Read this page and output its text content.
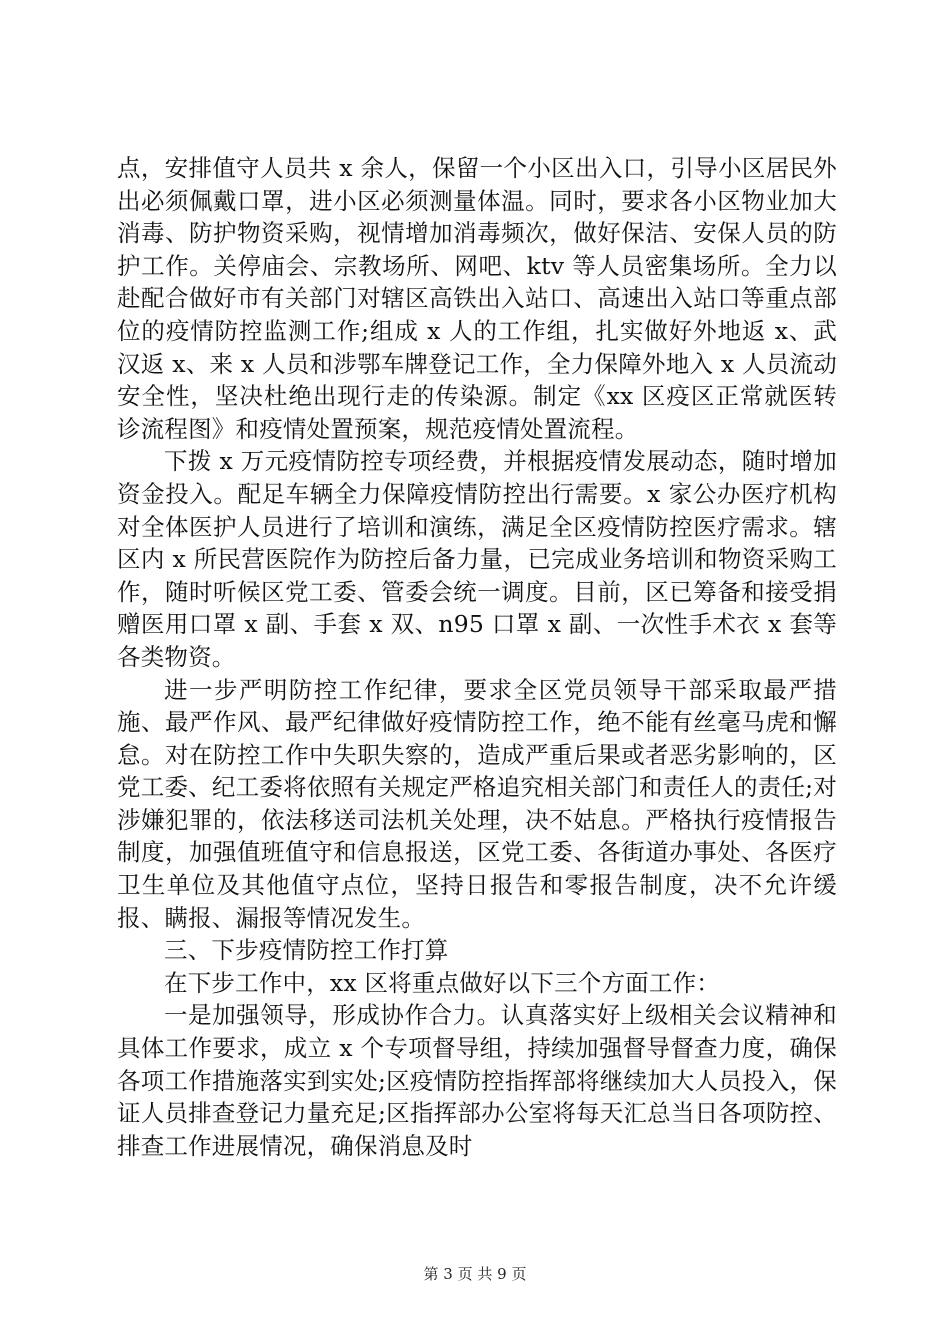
点，安排值守人员共 x 余人，保留一个小区出入口，引导小区居民外出必须佩戴口罩，进小区必须测量体温。同时，要求各小区物业加大消毒、防护物资采购，视情增加消毒频次，做好保洁、安保人员的防护工作。关停庙会、宗教场所、网吧、ktv 等人员密集场所。全力以赴配合做好市有关部门对辖区高铁出入站口、高速出入站口等重点部位的疫情防控监测工作;组成 x 人的工作组，扎实做好外地返 x、武汉返 x、来 x 人员和涉鄂车牌登记工作，全力保障外地入 x 人员流动安全性，坚决杜绝出现行走的传染源。制定《xx 区疫区正常就医转诊流程图》和疫情处置预案，规范疫情处置流程。

下拨 x 万元疫情防控专项经费，并根据疫情发展动态，随时增加资金投入。配足车辆全力保障疫情防控出行需要。x 家公办医疗机构对全体医护人员进行了培训和演练，满足全区疫情防控医疗需求。辖区内 x 所民营医院作为防控后备力量，已完成业务培训和物资采购工作，随时听候区党工委、管委会统一调度。目前，区已筹备和接受捐赠医用口罩 x 副、手套 x 双、n95 口罩 x 副、一次性手术衣 x 套等各类物资。

进一步严明防控工作纪律，要求全区党员领导干部采取最严措施、最严作风、最严纪律做好疫情防控工作，绝不能有丝毫马虎和懈怠。对在防控工作中失职失察的，造成严重后果或者恶劣影响的，区党工委、纪工委将依照有关规定严格追究相关部门和责任人的责任;对涉嫌犯罪的，依法移送司法机关处理，决不姑息。严格执行疫情报告制度，加强值班值守和信息报送，区党工委、各街道办事处、各医疗卫生单位及其他值守点位，坚持日报告和零报告制度，决不允许缓报、瞒报、漏报等情况发生。

三、下步疫情防控工作打算

在下步工作中，xx 区将重点做好以下三个方面工作：

一是加强领导，形成协作合力。认真落实好上级相关会议精神和具体工作要求，成立 x 个专项督导组，持续加强督导督查力度，确保各项工作措施落实到实处;区疫情防控指挥部将继续加大人员投入，保证人员排查登记力量充足;区指挥部办公室将每天汇总当日各项防控、排查工作进展情况，确保消息及时

第 3 页 共 9 页
